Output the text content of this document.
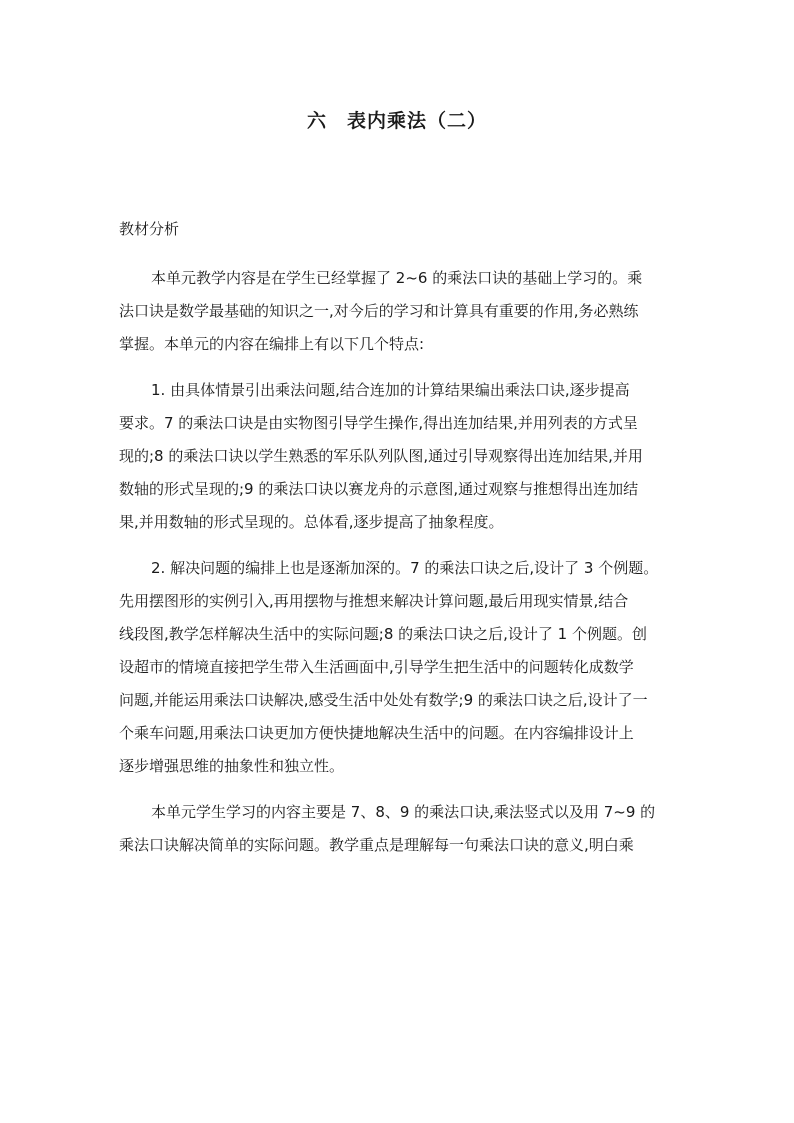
六　表内乘法（二）

教材分析

本单元教学内容是在学生已经掌握了 2~6 的乘法口诀的基础上学习的。乘
法口诀是数学最基础的知识之一,对今后的学习和计算具有重要的作用,务必熟练
掌握。本单元的内容在编排上有以下几个特点:
1. 由具体情景引出乘法问题,结合连加的计算结果编出乘法口诀,逐步提高
要求。7 的乘法口诀是由实物图引导学生操作,得出连加结果,并用列表的方式呈
现的;8 的乘法口诀以学生熟悉的军乐队列队图,通过引导观察得出连加结果,并用
数轴的形式呈现的;9 的乘法口诀以赛龙舟的示意图,通过观察与推想得出连加结
果,并用数轴的形式呈现的。总体看,逐步提高了抽象程度。
2. 解决问题的编排上也是逐渐加深的。7 的乘法口诀之后,设计了 3 个例题。
先用摆图形的实例引入,再用摆物与推想来解决计算问题,最后用现实情景,结合
线段图,教学怎样解决生活中的实际问题;8 的乘法口诀之后,设计了 1 个例题。创
设超市的情境直接把学生带入生活画面中,引导学生把生活中的问题转化成数学
问题,并能运用乘法口诀解决,感受生活中处处有数学;9 的乘法口诀之后,设计了一
个乘车问题,用乘法口诀更加方便快捷地解决生活中的问题。在内容编排设计上
逐步增强思维的抽象性和独立性。
本单元学生学习的内容主要是 7、8、9 的乘法口诀,乘法竖式以及用 7~9 的
乘法口诀解决简单的实际问题。教学重点是理解每一句乘法口诀的意义,明白乘
